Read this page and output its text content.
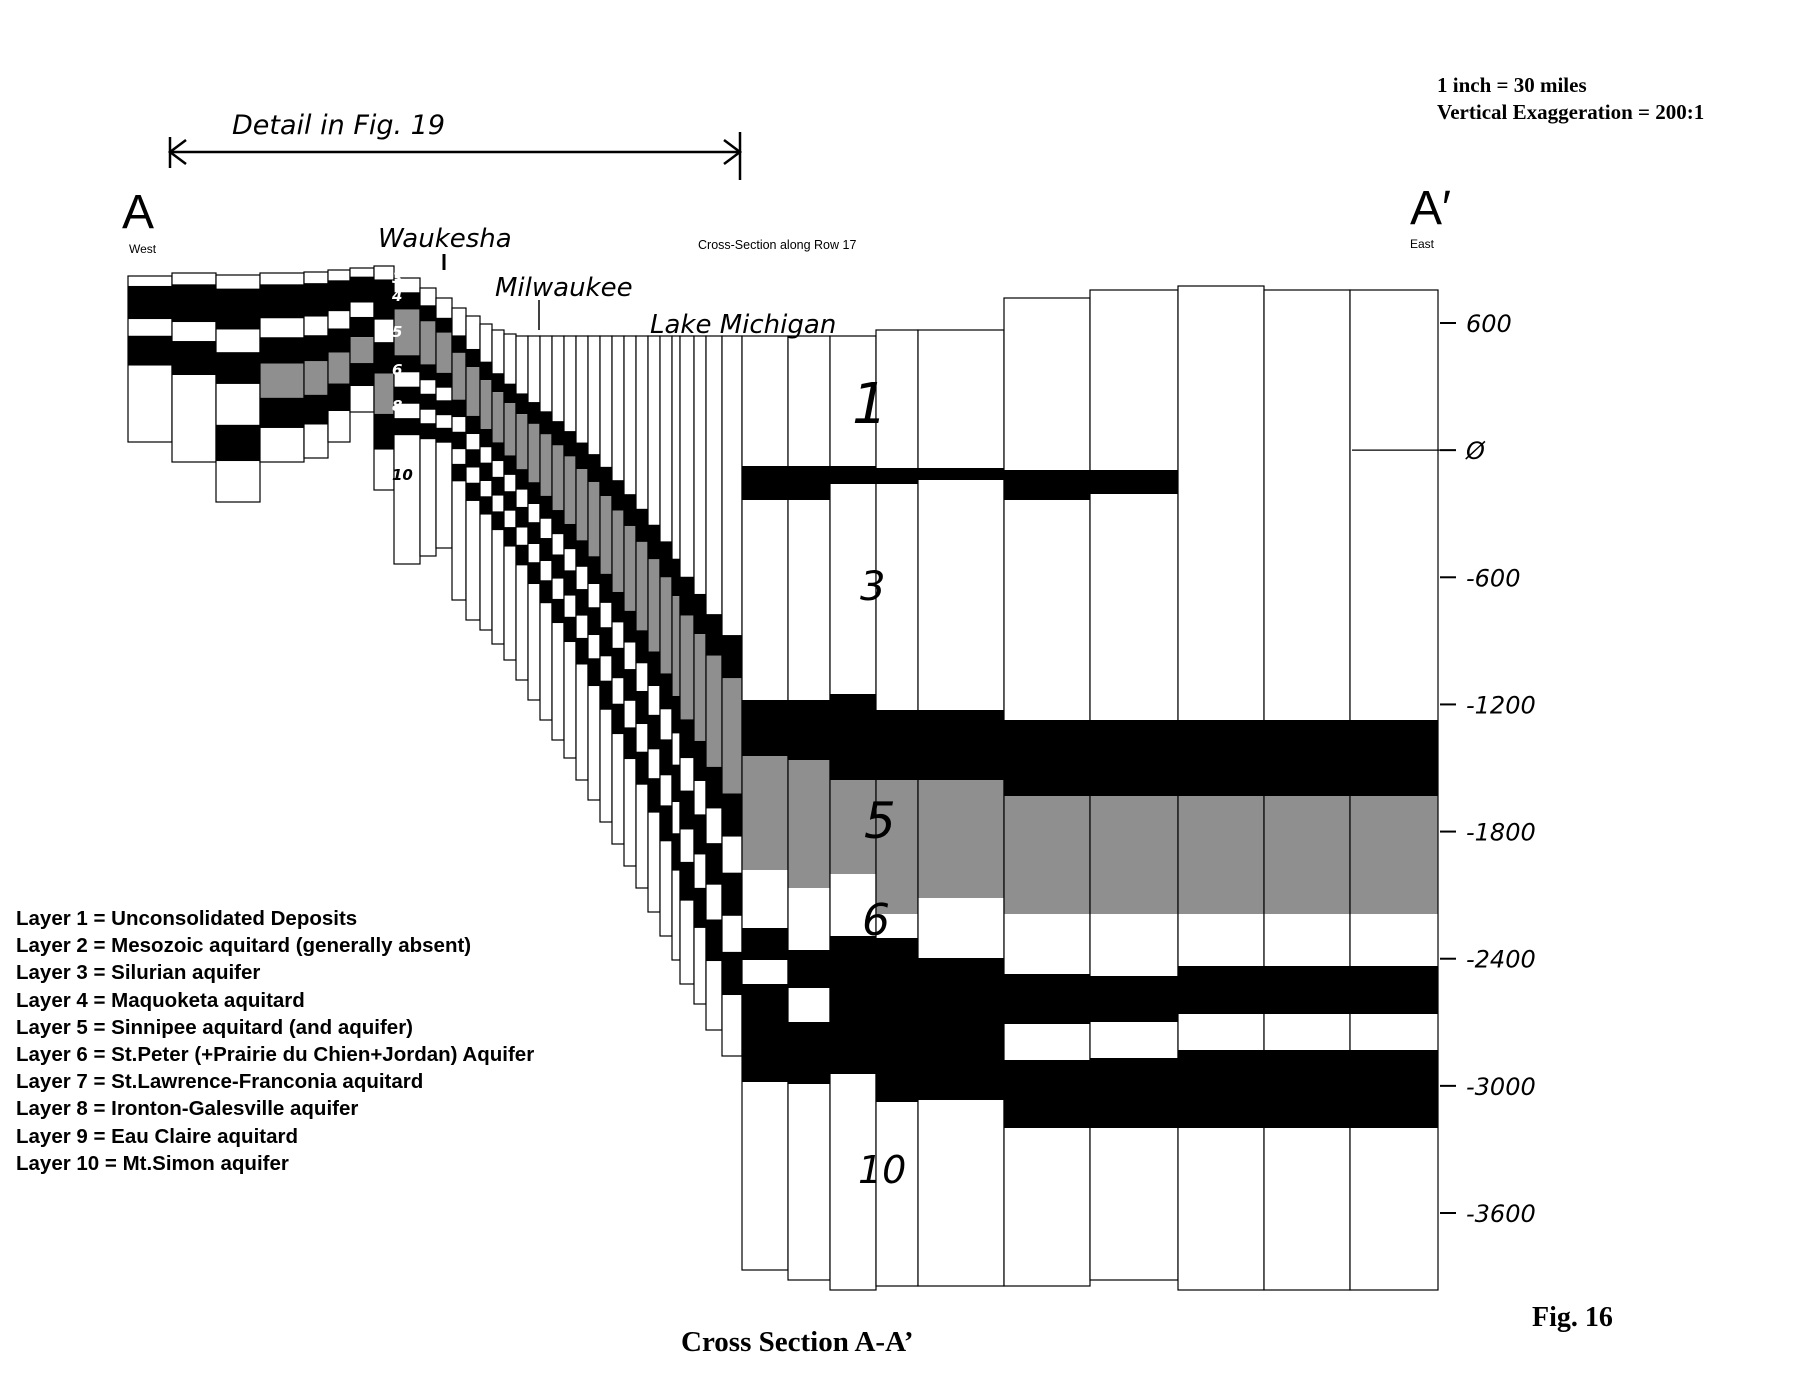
Detail in Fig. 19
A	A′
Waukesha
Milwaukee
Lake Michigan
1
3
5
6
8
10
3
4
5
6
8
10
600
Ø
-600
-1200
-1800
-2400
-3000
-3600
1 inch = 30 miles
Vertical Exaggeration = 200:1
West	East
Cross-Section along Row 17
Layer 1 = Unconsolidated Deposits
Layer 2 = Mesozoic aquitard (generally absent)
Layer 3 = Silurian aquifer
Layer 4 = Maquoketa aquitard
Layer 5 = Sinnipee aquitard (and aquifer)
Layer 6 = St.Peter (+Prairie du Chien+Jordan) Aquifer
Layer 7 = St.Lawrence-Franconia aquitard
Layer 8 = Ironton-Galesville aquifer
Layer 9 = Eau Claire aquitard
Layer 10 = Mt.Simon aquifer
Fig. 16
Cross Section A-A’
